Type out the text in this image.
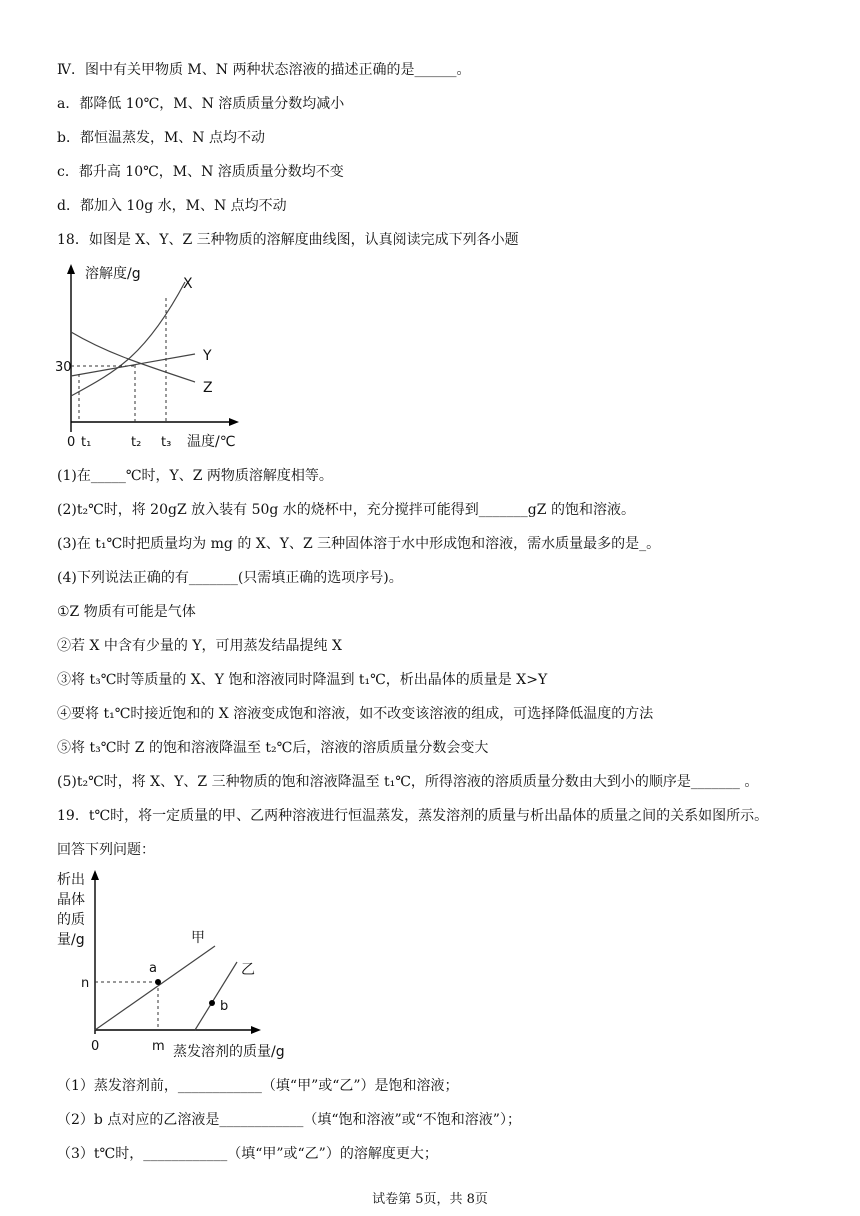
Ⅳ．图中有关甲物质 M、N 两种状态溶液的描述正确的是______。
a．都降低 10℃，M、N 溶质质量分数均减小
b．都恒温蒸发，M、N 点均不动
c．都升高 10℃，M、N 溶质质量分数均不变
d．都加入 10g 水，M、N 点均不动
18．如图是 X、Y、Z 三种物质的溶解度曲线图，认真阅读完成下列各小题
溶解度/g
X
Y
Z
30
0 t₁	t₂ t₃ 温度/℃
(1)在_____℃时，Y、Z 两物质溶解度相等。
(2)t₂℃时，将 20gZ 放入装有 50g 水的烧杯中，充分搅拌可能得到_______gZ 的饱和溶液。
(3)在 t₁℃时把质量均为 mg 的 X、Y、Z 三种固体溶于水中形成饱和溶液，需水质量最多的是_。
(4)下列说法正确的有_______(只需填正确的选项序号)。
①Z 物质有可能是气体
②若 X 中含有少量的 Y，可用蒸发结晶提纯 X
③将 t₃℃时等质量的 X、Y 饱和溶液同时降温到 t₁℃，析出晶体的质量是 X>Y
④要将 t₁℃时接近饱和的 X 溶液变成饱和溶液，如不改变该溶液的组成，可选择降低温度的方法
⑤将 t₃℃时 Z 的饱和溶液降温至 t₂℃后，溶液的溶质质量分数会变大
(5)t₂℃时，将 X、Y、Z 三种物质的饱和溶液降温至 t₁℃，所得溶液的溶质质量分数由大到小的顺序是_______ 。
19．t℃时，将一定质量的甲、乙两种溶液进行恒温蒸发，蒸发溶剂的质量与析出晶体的质量之间的关系如图所示。
回答下列问题：
析出
晶体
的质
量/g	甲
乙
a
b
n
0	m 蒸发溶剂的质量/g
（1）蒸发溶剂前，____________（填“甲”或“乙”）是饱和溶液；
（2）b 点对应的乙溶液是____________（填“饱和溶液”或“不饱和溶液”）；
（3）t℃时，____________（填“甲”或“乙”）的溶解度更大；
试卷第 5页，共 8页
